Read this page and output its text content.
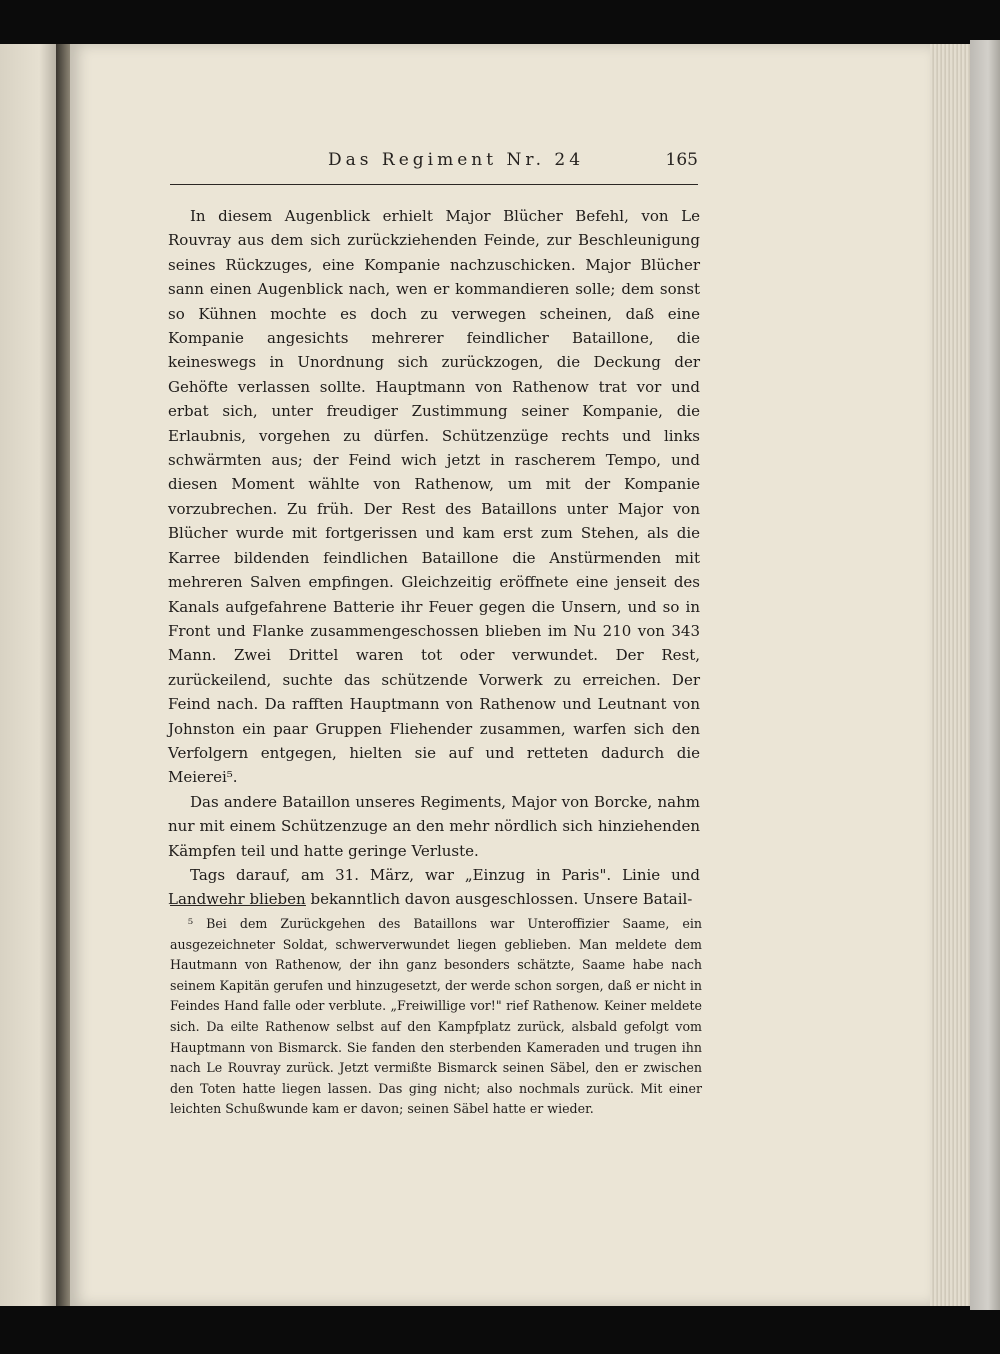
Das Regiment Nr. 24	165

In diesem Augenblick erhielt Major Blücher Befehl, von Le Rouvray aus dem sich zurückziehenden Feinde, zur Beschleunigung seines Rückzuges, eine Kompanie nachzuschicken. Major Blücher sann einen Augenblick nach, wen er kommandieren solle; dem sonst so Kühnen mochte es doch zu verwegen scheinen, daß eine Kompanie angesichts mehrerer feindlicher Bataillone, die keineswegs in Unordnung sich zurückzogen, die Deckung der Gehöfte verlassen sollte. Hauptmann von Rathenow trat vor und erbat sich, unter freudiger Zustimmung seiner Kompanie, die Erlaubnis, vorgehen zu dürfen. Schützenzüge rechts und links schwärmten aus; der Feind wich jetzt in rascherem Tempo, und diesen Moment wählte von Rathenow, um mit der Kompanie vorzubrechen. Zu früh. Der Rest des Bataillons unter Major von Blücher wurde mit fortgerissen und kam erst zum Stehen, als die Karree bildenden feindlichen Bataillone die Anstürmenden mit mehreren Salven empfingen. Gleichzeitig eröffnete eine jenseit des Kanals aufgefahrene Batterie ihr Feuer gegen die Unsern, und so in Front und Flanke zusammengeschossen blieben im Nu 210 von 343 Mann. Zwei Drittel waren tot oder verwundet. Der Rest, zurückeilend, suchte das schützende Vorwerk zu erreichen. Der Feind nach. Da rafften Hauptmann von Rathenow und Leutnant von Johnston ein paar Gruppen Fliehender zusammen, warfen sich den Verfolgern entgegen, hielten sie auf und retteten dadurch die Meierei⁵.

Das andere Bataillon unseres Regiments, Major von Borcke, nahm nur mit einem Schützenzuge an den mehr nördlich sich hinziehenden Kämpfen teil und hatte geringe Verluste.

Tags darauf, am 31. März, war „Einzug in Paris". Linie und Landwehr blieben bekanntlich davon ausgeschlossen. Unsere Batail-

⁵ Bei dem Zurückgehen des Bataillons war Unteroffizier Saame, ein ausgezeichneter Soldat, schwerverwundet liegen geblieben. Man meldete dem Hautmann von Rathenow, der ihn ganz besonders schätzte, Saame habe nach seinem Kapitän gerufen und hinzugesetzt, der werde schon sorgen, daß er nicht in Feindes Hand falle oder verblute. „Freiwillige vor!" rief Rathenow. Keiner meldete sich. Da eilte Rathenow selbst auf den Kampfplatz zurück, alsbald gefolgt vom Hauptmann von Bismarck. Sie fanden den sterbenden Kameraden und trugen ihn nach Le Rouvray zurück. Jetzt vermißte Bismarck seinen Säbel, den er zwischen den Toten hatte liegen lassen. Das ging nicht; also nochmals zurück. Mit einer leichten Schußwunde kam er davon; seinen Säbel hatte er wieder.
